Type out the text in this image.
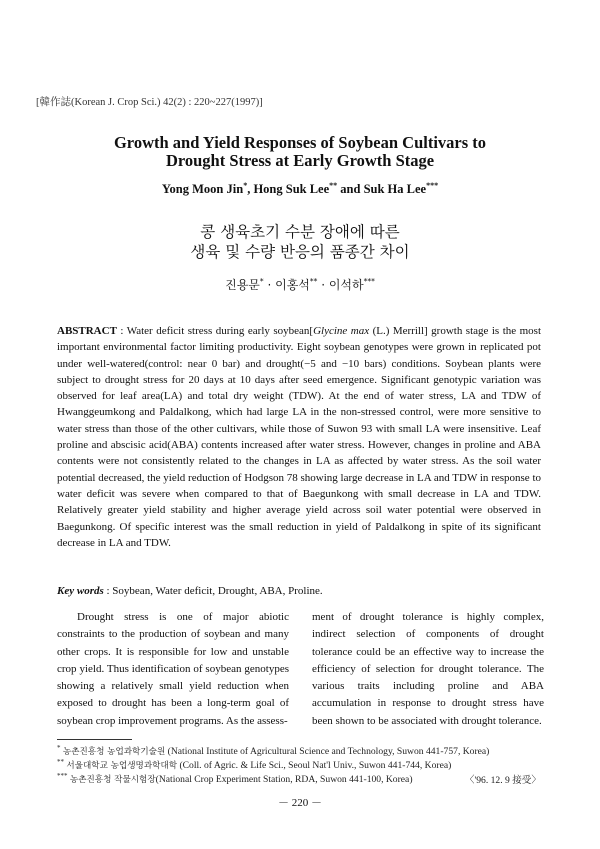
[韓作誌(Korean J. Crop Sci.) 42(2) : 220~227(1997)]
Growth and Yield Responses of Soybean Cultivars to
Drought Stress at Early Growth Stage
Yong Moon Jin*, Hong Suk Lee** and Suk Ha Lee***
콩 생육초기 수분 장애에 따른
생육 및 수량 반응의 품종간 차이
진용문* · 이홍석** · 이석하***
ABSTRACT : Water deficit stress during early soybean[Glycine max (L.) Merrill] growth stage is the most important environmental factor limiting productivity. Eight soybean genotypes were grown in replicated pot under well-watered(control: near 0 bar) and drought(−5 and −10 bars) conditions. Soybean plants were subject to drought stress for 20 days at 10 days after seed emergence. Significant genotypic variation was observed for leaf area(LA) and total dry weight (TDW). At the end of water stress, LA and TDW of Hwanggeumkong and Paldalkong, which had large LA in the non-stressed control, were more sensitive to water stress than those of the other cultivars, while those of Suwon 93 with small LA were insensitive. Leaf proline and abscisic acid(ABA) contents increased after water stress. However, changes in proline and ABA contents were not consistently related to the changes in LA as affected by water stress. As the soil water potential decreased, the yield reduction of Hodgson 78 showing large decrease in LA and TDW in response to water deficit was severe when compared to that of Baegunkong with small decrease in LA and TDW. Relatively greater yield stability and higher average yield across soil water potential were observed in Baegunkong. Of specific interest was the small reduction in yield of Paldalkong in spite of its significant decrease in LA and TDW.
Key words : Soybean, Water deficit, Drought, ABA, Proline.
Drought stress is one of major abiotic constraints to the production of soybean and many other crops. It is responsible for low and unstable crop yield. Thus identification of soybean genotypes showing a relatively small yield reduction when exposed to drought has been a long-term goal of soybean crop improvement programs. As the assess-
ment of drought tolerance is highly complex, indirect selection of components of drought tolerance could be an effective way to increase the efficiency of selection for drought tolerance. The various traits including proline and ABA accumulation in response to drought stress have been shown to be associated with drought tolerance.
* 농촌진흥청 농업과학기술원 (National Institute of Agricultural Science and Technology, Suwon 441-757, Korea)
** 서울대학교 농업생명과학대학 (Coll. of Agric. & Life Sci., Seoul Nat'l Univ., Suwon 441-744, Korea)
*** 농촌진흥청 작물시험장(National Crop Experiment Station, RDA, Suwon 441-100, Korea)	〈'96. 12. 9 接受〉
－ 220 －
